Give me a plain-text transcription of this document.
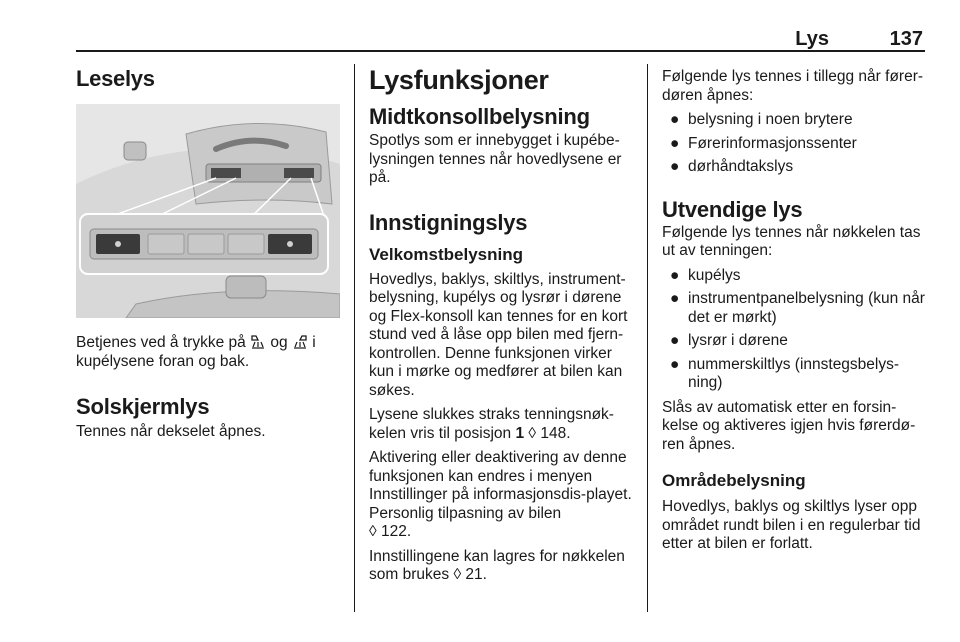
Lys	137
Leselys

Betjenes ved å trykke på og i kupélysene foran og bak.

Solskjermlys

Tennes når dekselet åpnes.

Lysfunksjoner
Midtkonsollbelysning

Spotlys som er innebygget i kupébe-lysningen tennes når hovedlysene er på.

Innstigningslys
Velkomstbelysning

Hovedlys, baklys, skiltlys, instrument-belysning, kupélys og lysrør i dørene og Flex-konsoll kan tennes for en kort stund ved å låse opp bilen med fjern-kontrollen. Denne funksjonen virker kun i mørke og medfører at bilen kan søkes.

Lysene slukkes straks tenningsnøk-kelen vris til posisjon 1 ◊ 148.

Aktivering eller deaktivering av denne funksjonen kan endres i menyen Innstillinger på informasjonsdis-playet. Personlig tilpasning av bilen
◊ 122.

Innstillingene kan lagres for nøkkelen som brukes ◊ 21.

Følgende lys tennes i tillegg når fører-døren åpnes:

● belysning i noen brytere
● Førerinformasjonssenter
● dørhåndtakslys
Utvendige lys

Følgende lys tennes når nøkkelen tas ut av tenningen:

● kupélys
● instrumentpanelbelysning (kun når det er mørkt)
● lysrør i dørene
● nummerskiltlys (innstegsbelys-ning)

Slås av automatisk etter en forsin-kelse og aktiveres igjen hvis førerdø-ren åpnes.

Områdebelysning

Hovedlys, baklys og skiltlys lyser opp området rundt bilen i en regulerbar tid etter at bilen er forlatt.
